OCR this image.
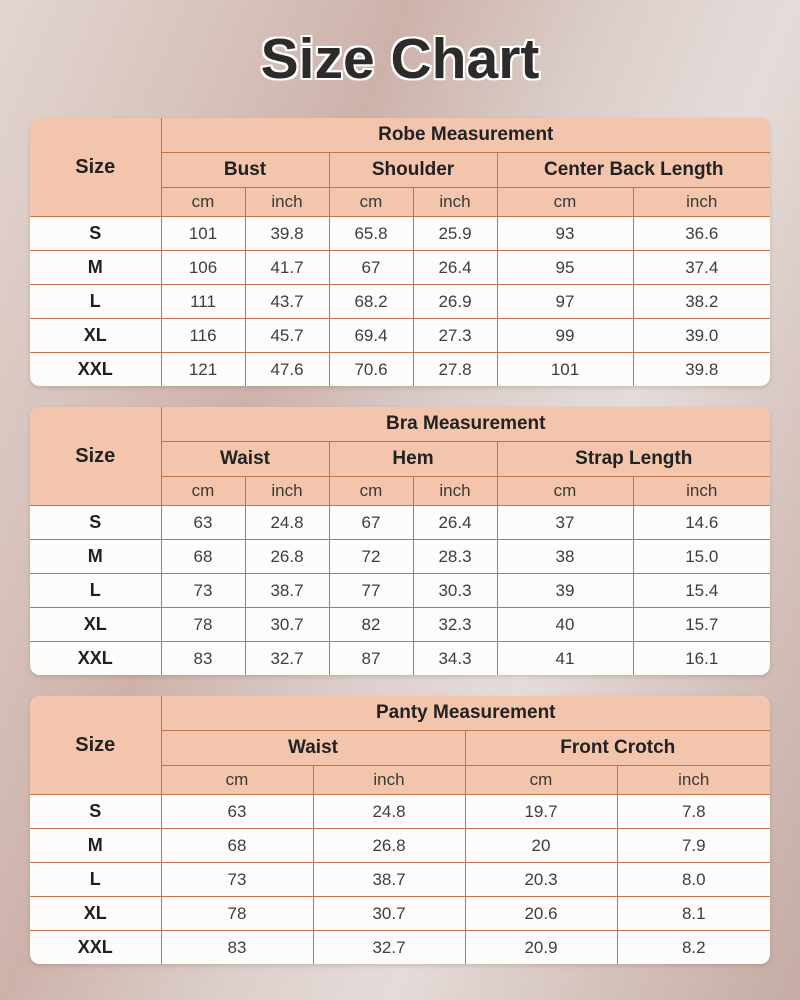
Size Chart
Size	Robe Measurement					
	Bust		Shoulder		Center Back Length	
	cm	inch	cm	inch	cm	inch
S	101	39.8	65.8	25.9	93	36.6
M	106	41.7	67	26.4	95	37.4
L	111	43.7	68.2	26.9	97	38.2
XL	116	45.7	69.4	27.3	99	39.0
XXL	121	47.6	70.6	27.8	101	39.8
Size	Bra Measurement					
	Waist		Hem		Strap Length	
	cm	inch	cm	inch	cm	inch
S	63	24.8	67	26.4	37	14.6
M	68	26.8	72	28.3	38	15.0
L	73	38.7	77	30.3	39	15.4
XL	78	30.7	82	32.3	40	15.7
XXL	83	32.7	87	34.3	41	16.1
Size	Panty Measurement			
	Waist		Front Crotch	
	cm	inch	cm	inch
S	63	24.8	19.7	7.8
M	68	26.8	20	7.9
L	73	38.7	20.3	8.0
XL	78	30.7	20.6	8.1
XXL	83	32.7	20.9	8.2
